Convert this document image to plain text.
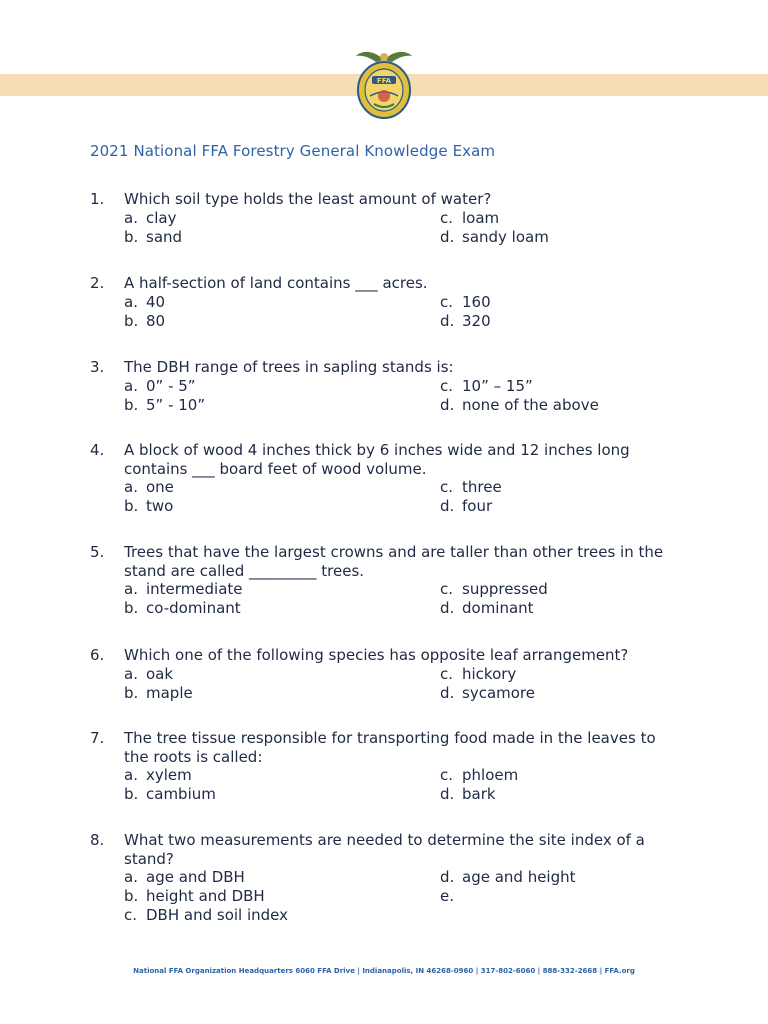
FFA
2021 National FFA Forestry General Knowledge Exam
1.	Which soil type holds the least amount of water?
a. clay
b. sand
c. loam
d. sandy loam
2.	A half-section of land contains ___ acres.
a. 40
b. 80
c. 160
d. 320
3.	The DBH range of trees in sapling stands is:
a. 0” - 5”
b. 5” - 10”
c. 10” – 15”
d. none of the above
4.	A block of wood 4 inches thick by 6 inches wide and 12 inches long contains ___ board feet of wood volume.
a. one
b. two
c. three
d. four
5.	Trees that have the largest crowns and are taller than other trees in the stand are called _________ trees.
a. intermediate
b. co-dominant
c. suppressed
d. dominant
6.	Which one of the following species has opposite leaf arrangement?
a. oak
b. maple
c. hickory
d. sycamore
7.	The tree tissue responsible for transporting food made in the leaves to the roots is called:
a. xylem
b. cambium
c. phloem
d. bark
8.	What two measurements are needed to determine the site index of a stand?
a. age and DBH
b. height and DBH
c. DBH and soil index
d. age and height
e.
National FFA Organization Headquarters 6060 FFA Drive | Indianapolis, IN 46268-0960 | 317-802-6060 | 888-332-2668 | FFA.org
